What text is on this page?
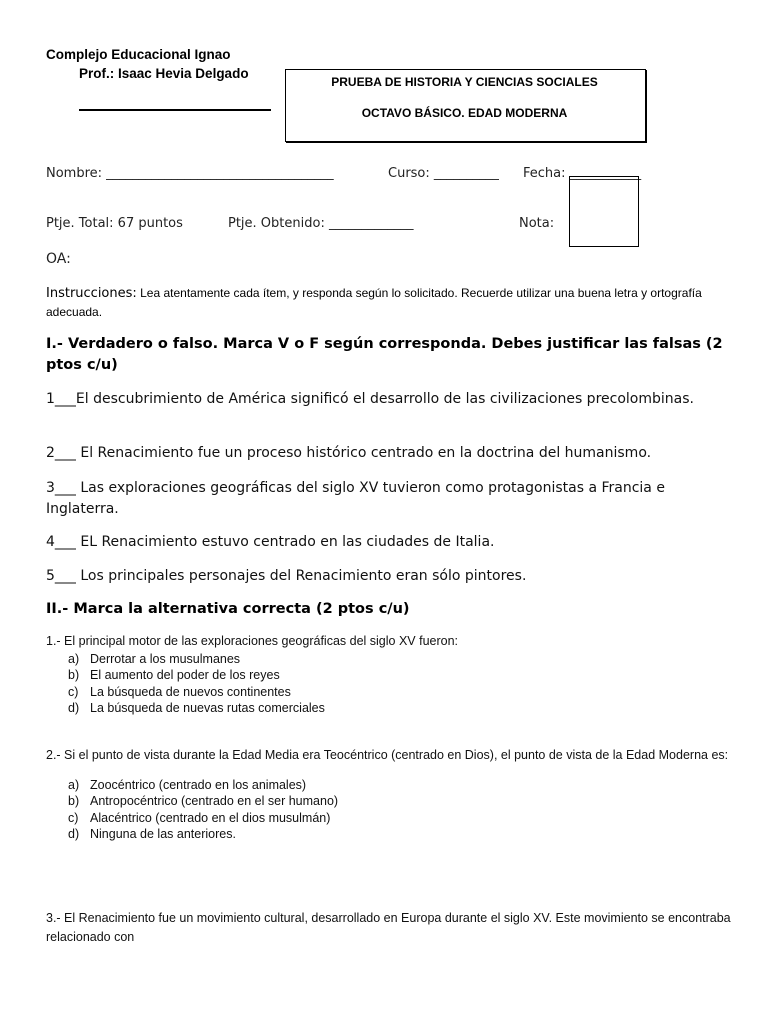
Complejo Educacional Ignao
Prof.: Isaac Hevia Delgado
PRUEBA DE HISTORIA Y CIENCIAS SOCIALES
OCTAVO BÁSICO. EDAD MODERNA
Nombre: ___________________________________	Curso: __________ Fecha: ___________
Ptje. Total: 67 puntos	Ptje. Obtenido: _____________	Nota:
OA:
Instrucciones: Lea atentamente cada ítem, y responda según lo solicitado. Recuerde utilizar una buena letra y ortografía adecuada.
I.- Verdadero o falso. Marca V o F según corresponda. Debes justificar las falsas (2 ptos c/u)
1___El descubrimiento de América significó el desarrollo de las civilizaciones precolombinas.
2___ El Renacimiento fue un proceso histórico centrado en la doctrina del humanismo.
3___ Las exploraciones geográficas del siglo XV tuvieron como protagonistas a Francia e Inglaterra.
4___ EL Renacimiento estuvo centrado en las ciudades de Italia.
5___ Los principales personajes del Renacimiento eran sólo pintores.
II.- Marca la alternativa correcta (2 ptos c/u)
1.- El principal motor de las exploraciones geográficas del siglo XV fueron:
a) Derrotar a los musulmanes
b) El aumento del poder de los reyes
c) La búsqueda de nuevos continentes
d) La búsqueda de nuevas rutas comerciales
2.- Si el punto de vista durante la Edad Media era Teocéntrico (centrado en Dios), el punto de vista de la Edad Moderna es:
a) Zoocéntrico (centrado en los animales)
b) Antropocéntrico (centrado en el ser humano)
c) Alacéntrico (centrado en el dios musulmán)
d) Ninguna de las anteriores.
3.- El Renacimiento fue un movimiento cultural, desarrollado en Europa durante el siglo XV. Este movimiento se encontraba relacionado con
